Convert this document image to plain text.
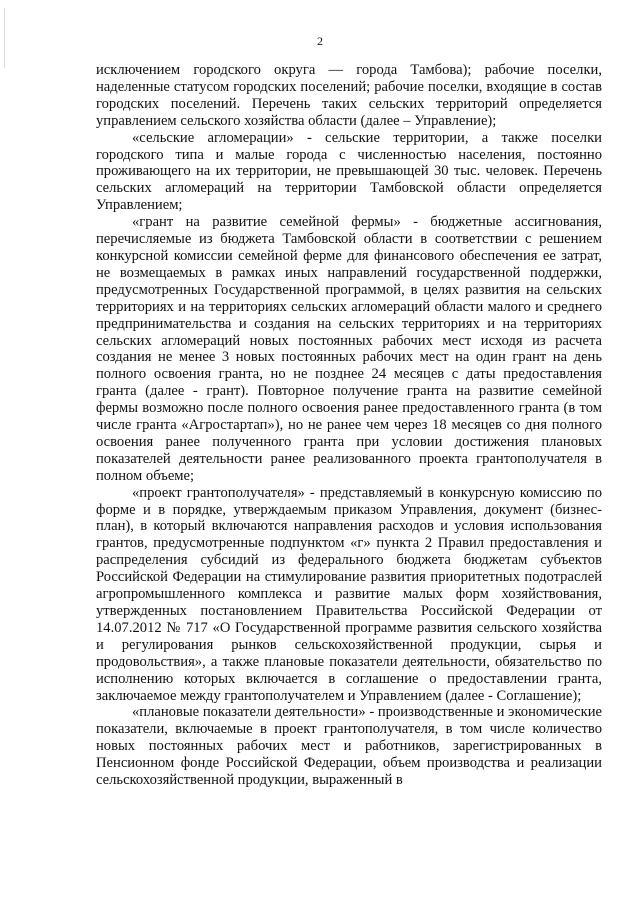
2

исключением городского округа — города Тамбова); рабочие поселки, наделенные статусом городских поселений; рабочие поселки, входящие в состав городских поселений. Перечень таких сельских территорий определяется управлением сельского хозяйства области (далее – Управление);

«сельские агломерации» - сельские территории, а также поселки городского типа и малые города с численностью населения, постоянно проживающего на их территории, не превышающей 30 тыс. человек. Перечень сельских агломераций на территории Тамбовской области определяется Управлением;

«грант на развитие семейной фермы» - бюджетные ассигнования, перечисляемые из бюджета Тамбовской области в соответствии с решением конкурсной комиссии семейной ферме для финансового обеспечения ее затрат, не возмещаемых в рамках иных направлений государственной поддержки, предусмотренных Государственной программой, в целях развития на сельских территориях и на территориях сельских агломераций области малого и среднего предпринимательства и создания на сельских территориях и на территориях сельских агломераций новых постоянных рабочих мест исходя из расчета создания не менее 3 новых постоянных рабочих мест на один грант на день полного освоения гранта, но не позднее 24 месяцев с даты предоставления гранта (далее - грант). Повторное получение гранта на развитие семейной фермы возможно после полного освоения ранее предоставленного гранта (в том числе гранта «Агростартап»), но не ранее чем через 18 месяцев со дня полного освоения ранее полученного гранта при условии достижения плановых показателей деятельности ранее реализованного проекта грантополучателя в полном объеме;

«проект грантополучателя» - представляемый в конкурсную комиссию по форме и в порядке, утверждаемым приказом Управления, документ (бизнес-план), в который включаются направления расходов и условия использования грантов, предусмотренные подпунктом «г» пункта 2 Правил предоставления и распределения субсидий из федерального бюджета бюджетам субъектов Российской Федерации на стимулирование развития приоритетных подотраслей агропромышленного комплекса и развитие малых форм хозяйствования, утвержденных постановлением Правительства Российской Федерации от 14.07.2012 № 717 «О Государственной программе развития сельского хозяйства и регулирования рынков сельскохозяйственной продукции, сырья и продовольствия», а также плановые показатели деятельности, обязательство по исполнению которых включается в соглашение о предоставлении гранта, заключаемое между грантополучателем и Управлением (далее - Соглашение);

«плановые показатели деятельности» - производственные и экономические показатели, включаемые в проект грантополучателя, в том числе количество новых постоянных рабочих мест и работников, зарегистрированных в Пенсионном фонде Российской Федерации, объем производства и реализации сельскохозяйственной продукции, выраженный в
